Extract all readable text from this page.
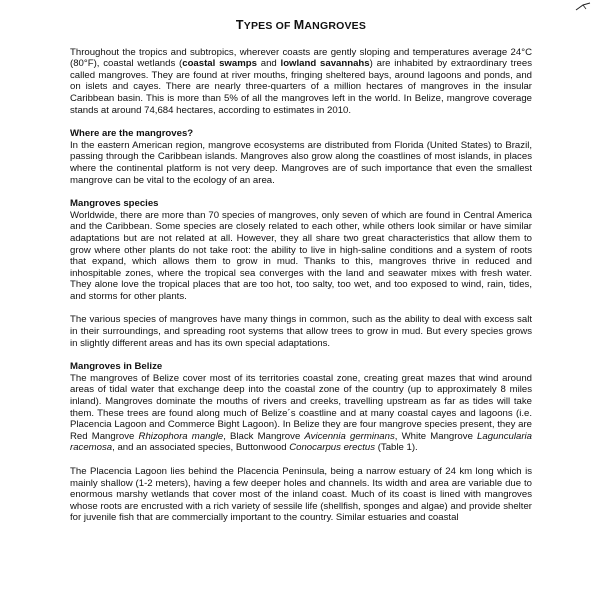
TYPES OF MANGROVES

Throughout the tropics and subtropics, wherever coasts are gently sloping and temperatures average 24°C (80°F), coastal wetlands (coastal swamps and lowland savannahs) are inhabited by extraordinary trees called mangroves. They are found at river mouths, fringing sheltered bays, around lagoons and ponds, and on islets and cayes. There are nearly three-quarters of a million hectares of mangroves in the insular Caribbean basin. This is more than 5% of all the mangroves left in the world. In Belize, mangrove coverage stands at around 74,684 hectares, according to estimates in 2010.

Where are the mangroves?

In the eastern American region, mangrove ecosystems are distributed from Florida (United States) to Brazil, passing through the Caribbean islands. Mangroves also grow along the coastlines of most islands, in places where the continental platform is not very deep. Mangroves are of such importance that even the smallest mangrove can be vital to the ecology of an area.

Mangroves species

Worldwide, there are more than 70 species of mangroves, only seven of which are found in Central America and the Caribbean. Some species are closely related to each other, while others look similar or have similar adaptations but are not related at all. However, they all share two great characteristics that allow them to grow where other plants do not take root: the ability to live in high-saline conditions and a system of roots that expand, which allows them to grow in mud. Thanks to this, mangroves thrive in reduced and inhospitable zones, where the tropical sea converges with the land and seawater mixes with fresh water. They alone love the tropical places that are too hot, too salty, too wet, and too exposed to wind, rain, tides, and storms for other plants.

The various species of mangroves have many things in common, such as the ability to deal with excess salt in their surroundings, and spreading root systems that allow trees to grow in mud. But every species grows in slightly different areas and has its own special adaptations.

Mangroves in Belize

The mangroves of Belize cover most of its territories coastal zone, creating great mazes that wind around areas of tidal water that exchange deep into the coastal zone of the country (up to approximately 8 miles inland). Mangroves dominate the mouths of rivers and creeks, travelling upstream as far as tides will take them. These trees are found along much of Belize´s coastline and at many coastal cayes and lagoons (i.e. Placencia Lagoon and Commerce Bight Lagoon). In Belize they are four mangrove species present, they are Red Mangrove Rhizophora mangle, Black Mangrove Avicennia germinans, White Mangrove Laguncularia racemosa, and an associated species, Buttonwood Conocarpus erectus (Table 1).

The Placencia Lagoon lies behind the Placencia Peninsula, being a narrow estuary of 24 km long which is mainly shallow (1-2 meters), having a few deeper holes and channels. Its width and area are variable due to enormous marshy wetlands that cover most of the inland coast. Much of its coast is lined with mangroves whose roots are encrusted with a rich variety of sessile life (shellfish, sponges and algae) and provide shelter for juvenile fish that are commercially important to the country. Similar estuaries and coastal
